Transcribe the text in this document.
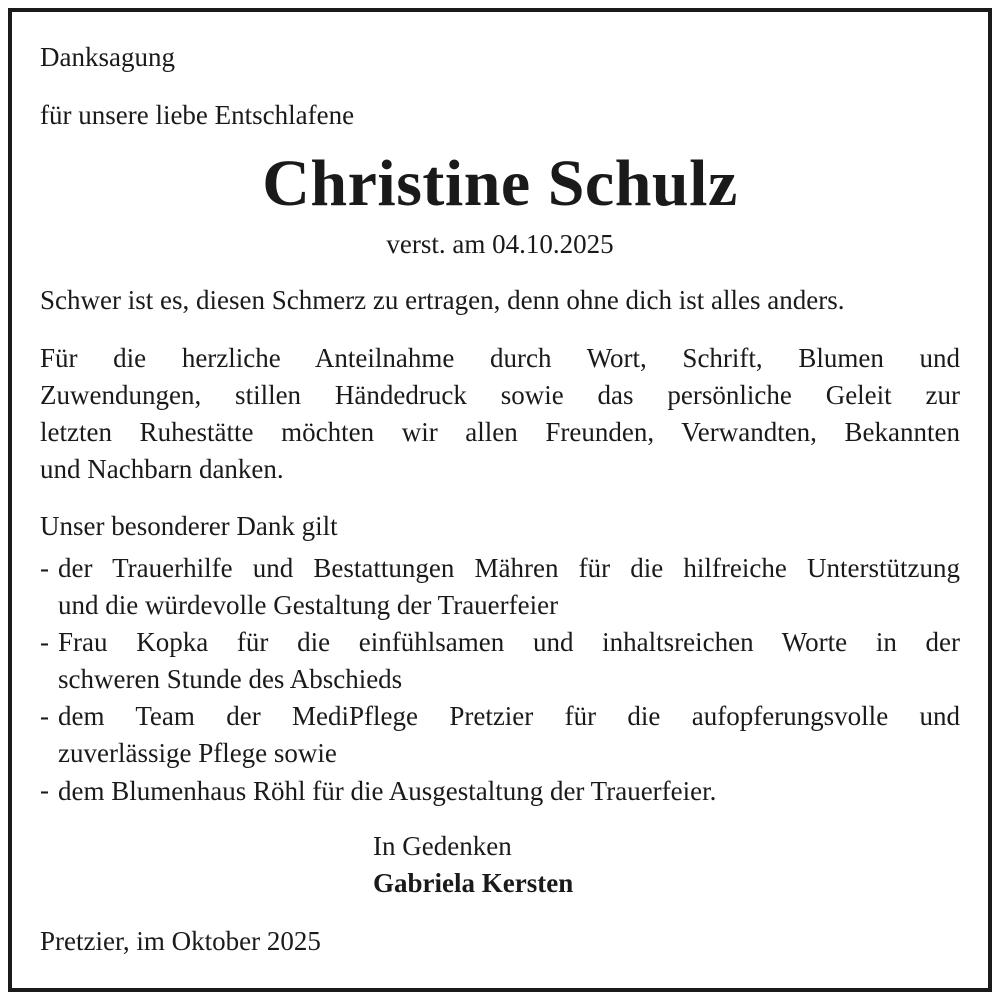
Danksagung
für unsere liebe Entschlafene
Christine Schulz
verst. am 04.10.2025
Schwer ist es, diesen Schmerz zu ertragen, denn ohne dich ist alles anders.
Für die herzliche Anteilnahme durch Wort, Schrift, Blumen und
Zuwendungen, stillen Händedruck sowie das persönliche Geleit zur
letzten Ruhestätte möchten wir allen Freunden, Verwandten, Bekannten
und Nachbarn danken.
Unser besonderer Dank gilt
- der Trauerhilfe und Bestattungen Mähren für die hilfreiche Unterstützung
und die würdevolle Gestaltung der Trauerfeier
- Frau Kopka für die einfühlsamen und inhaltsreichen Worte in der
schweren Stunde des Abschieds
- dem Team der MediPflege Pretzier für die aufopferungsvolle und
zuverlässige Pflege sowie
- dem Blumenhaus Röhl für die Ausgestaltung der Trauerfeier.
In Gedenken
Gabriela Kersten
Pretzier, im Oktober 2025
